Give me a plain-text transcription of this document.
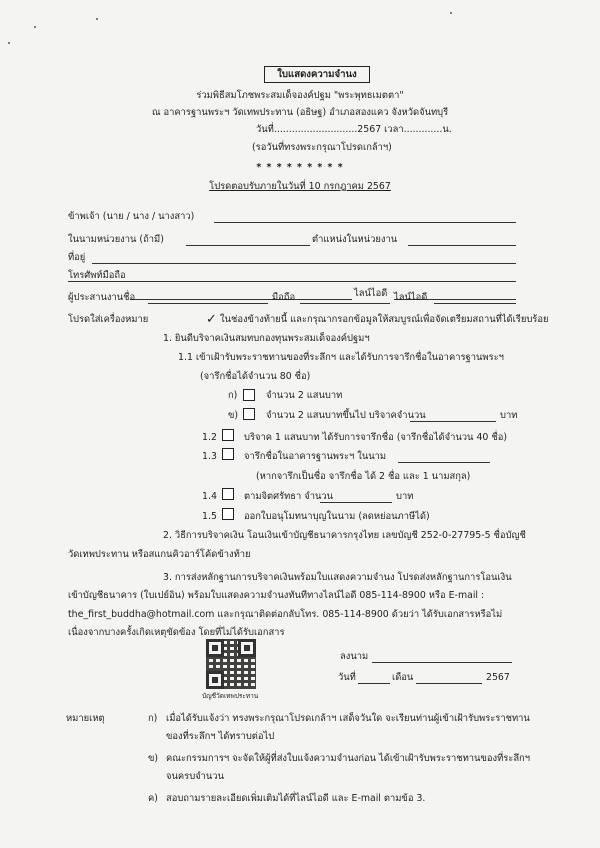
ใบแสดงความจำนง
ร่วมพิธีสมโภชพระสมเด็จองค์ปฐม "พระพุทธเมตตา"
ณ อาคารฐานพระฯ วัดเทพประทาน (อธิษฐ) อำเภอสองแคว จังหวัดจันทบุรี
วันที่............................2567 เวลา.............น.
(รอวันที่ทรงพระกรุณาโปรดเกล้าฯ)
* * * * * * * * *
โปรดตอบรับภายในวันที่ 10 กรกฎาคม 2567
ข้าพเจ้า (นาย / นาง / นางสาว)
ในนามหน่วยงาน (ถ้ามี)	ตำแหน่งในหน่วยงาน
ที่อยู่
โทรศัพท์มือถือ
ไลน์ไอดี
ผู้ประสานงานชื่อ	มือถือ	ไลน์ไอดี
โปรดใส่เครื่องหมาย	✓ ในช่องข้างท้ายนี้ และกรุณากรอกข้อมูลให้สมบูรณ์เพื่อจัดเตรียมสถานที่ได้เรียบร้อย
1. ยินดีบริจาคเงินสมทบกองทุนพระสมเด็จองค์ปฐมฯ
1.1 เข้าเฝ้ารับพระราชทานของที่ระลึกฯ และได้รับการจารึกชื่อในอาคารฐานพระฯ
(จารึกชื่อได้จำนวน 80 ชื่อ)
ก)	จำนวน 2 แสนบาท
ข)	จำนวน 2 แสนบาทขึ้นไป บริจาคจำนวน	บาท
1.2	บริจาค 1 แสนบาท ได้รับการจารึกชื่อ (จารึกชื่อได้จำนวน 40 ชื่อ)
1.3	จารึกชื่อในอาคารฐานพระฯ ในนาม
(หากจารึกเป็นชื่อ จารึกชื่อ ได้ 2 ชื่อ และ 1 นามสกุล)
1.4	ตามจิตศรัทธา จำนวน	บาท
1.5	ออกใบอนุโมทนาบุญในนาม (ลดหย่อนภาษีได้)
2. วิธีการบริจาคเงิน โอนเงินเข้าบัญชีธนาคารกรุงไทย เลขบัญชี 252-0-27795-5 ชื่อบัญชี
วัดเทพประทาน หรือสแกนคิวอาร์โค้ดข้างท้าย
3. การส่งหลักฐานการบริจาคเงินพร้อมใบแสดงความจำนง โปรดส่งหลักฐานการโอนเงิน
เข้าบัญชีธนาคาร (ใบเปย์อิน) พร้อมใบแสดงความจำนงทันทีทางไลน์ไอดี 085-114-8900 หรือ E-mail :
the_first_buddha@hotmail.com และกรุณาติดต่อกลับโทร. 085-114-8900 ด้วยว่า ได้รับเอกสารหรือไม่
เนื่องจากบางครั้งเกิดเหตุขัดข้อง โดยที่ไม่ได้รับเอกสาร
บัญชีวัดเทพประทาน
ลงนาม
วันที่	เดือน	2567
หมายเหตุ	ก) เมื่อได้รับแจ้งว่า ทรงพระกรุณาโปรดเกล้าฯ เสด็จวันใด จะเรียนท่านผู้เข้าเฝ้ารับพระราชทาน
ของที่ระลึกฯ ได้ทราบต่อไป
ข) คณะกรรมการฯ จะจัดให้ผู้ที่ส่งใบแจ้งความจำนงก่อน ได้เข้าเฝ้ารับพระราชทานของที่ระลึกฯ
จนครบจำนวน
ค) สอบถามรายละเอียดเพิ่มเติมได้ที่ไลน์ไอดี และ E-mail ตามข้อ 3.
